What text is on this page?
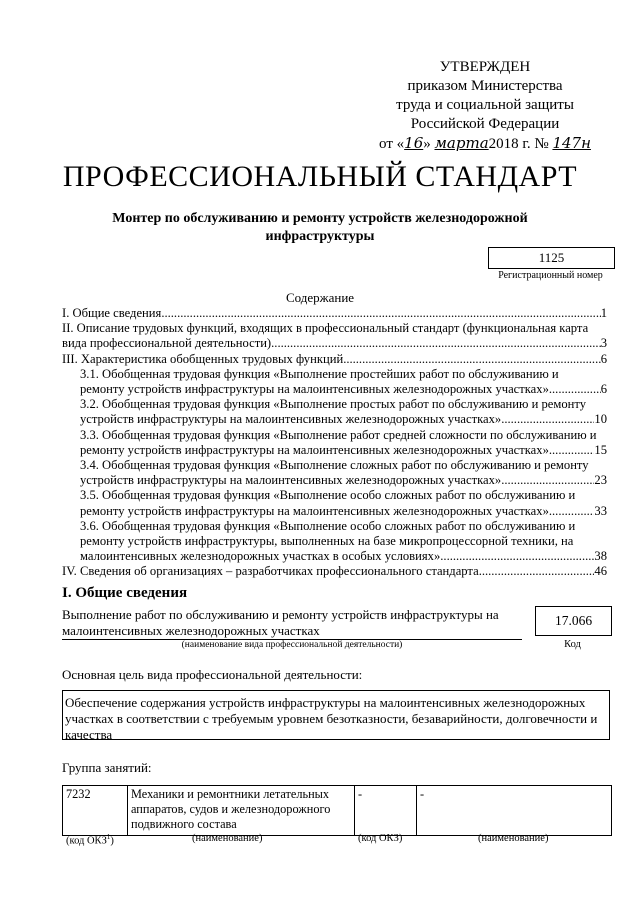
УТВЕРЖДЕН
приказом Министерства
труда и социальной защиты
Российской Федерации
от «16» марта2018 г. № 147н
ПРОФЕССИОНАЛЬНЫЙ СТАНДАРТ
Монтер по обслуживанию и ремонту устройств железнодорожной инфраструктуры
1125
Регистрационный номер
Содержание

I. Общие сведения .....	1

II. Описание трудовых функций, входящих в профессиональный стандарт (функциональная карта

вида профессиональной деятельности) .....	3

III. Характеристика обобщенных трудовых функций .....	6

3.1. Обобщенная трудовая функция «Выполнение простейших работ по обслуживанию и

ремонту устройств инфраструктуры на малоинтенсивных железнодорожных участках» .....	6

3.2. Обобщенная трудовая функция «Выполнение простых работ по обслуживанию и ремонту

устройств инфраструктуры на малоинтенсивных железнодорожных участках» .....	10

3.3. Обобщенная трудовая функция «Выполнение работ средней сложности по обслуживанию и

ремонту устройств инфраструктуры на малоинтенсивных железнодорожных участках» .....	15

3.4. Обобщенная трудовая функция «Выполнение сложных работ по обслуживанию и ремонту

устройств инфраструктуры на малоинтенсивных железнодорожных участках» .....	23

3.5. Обобщенная трудовая функция «Выполнение особо сложных работ по обслуживанию и

ремонту устройств инфраструктуры на малоинтенсивных железнодорожных участках» .....	33

3.6. Обобщенная трудовая функция «Выполнение особо сложных работ по обслуживанию и

ремонту устройств инфраструктуры, выполненных на базе микропроцессорной техники, на

малоинтенсивных железнодорожных участках в особых условиях» .....	38

IV. Сведения об организациях – разработчиках профессионального стандарта .....	46

I. Общие сведения
Выполнение работ по обслуживанию и ремонту устройств инфраструктуры на малоинтенсивных железнодорожных участках
(наименование вида профессиональной деятельности)
17.066
Код
Основная цель вида профессиональной деятельности:
Обеспечение содержания устройств инфраструктуры на малоинтенсивных железнодорожных участках в соответствии с требуемым уровнем безотказности, безаварийности, долговечности и качества
Группа занятий:
7232	Механики и ремонтники летательных аппаратов, судов и железнодорожного подвижного состава	-	-
(код ОКЗ$^1$)	(наименование)	(код ОКЗ)	(наименование)
